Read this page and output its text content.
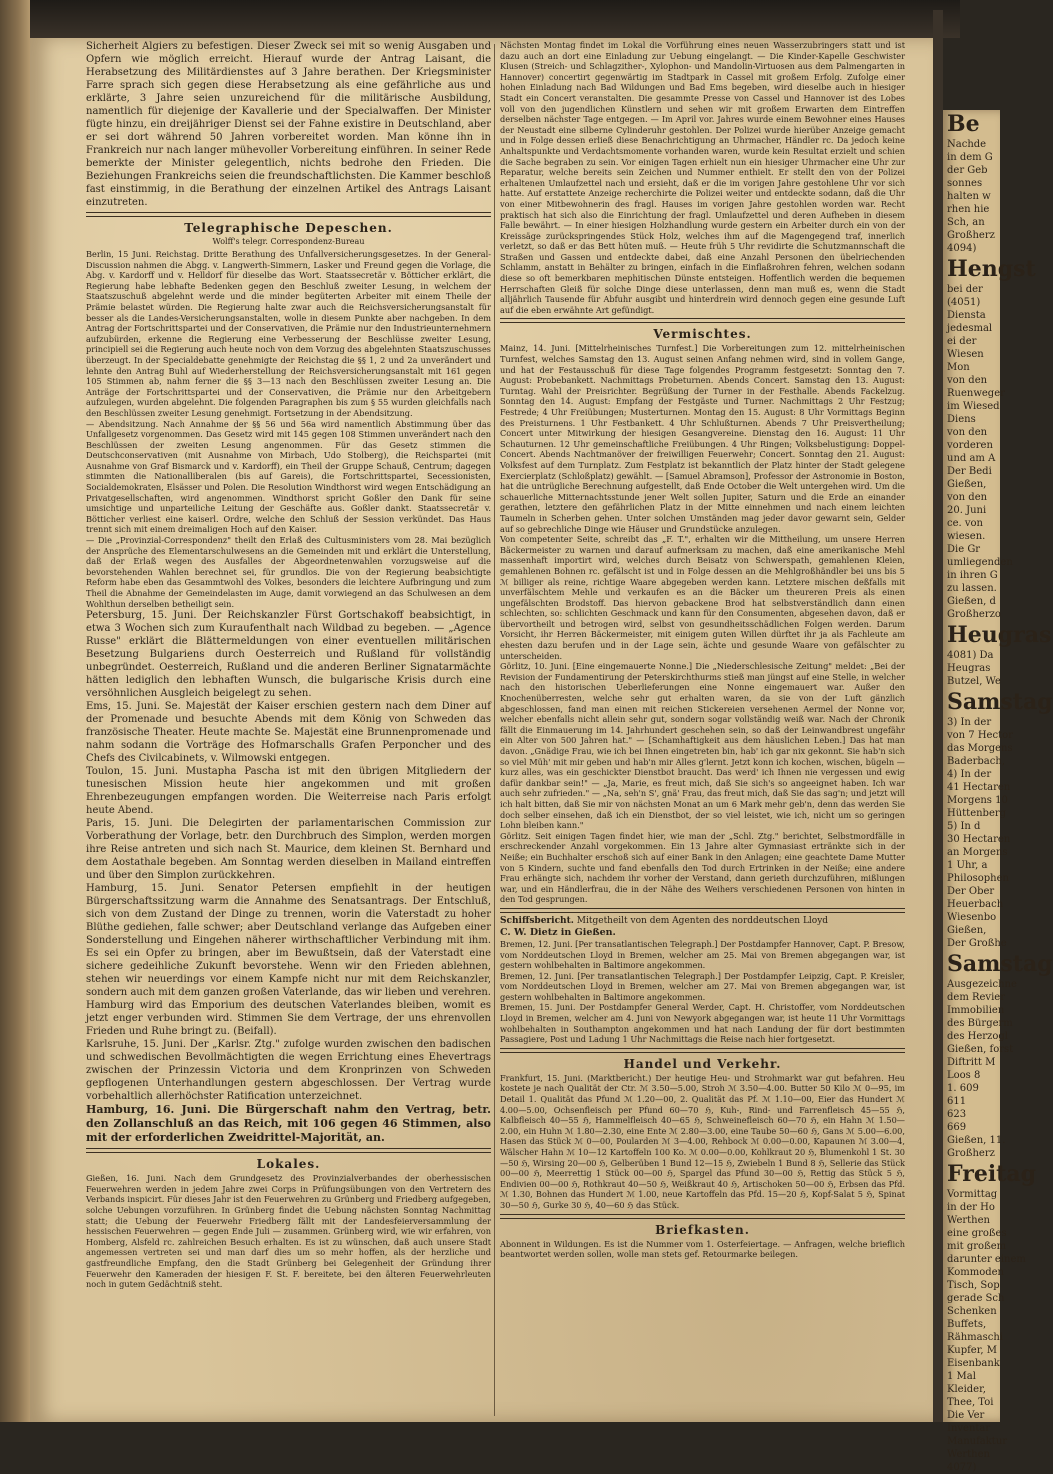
Sicherheit Algiers zu befestigen. Dieser Zweck sei mit so wenig Ausgaben und Opfern wie möglich erreicht. Hierauf wurde der Antrag Laisant, die Herabsetzung des Militärdienstes auf 3 Jahre berathen. Der Kriegsminister Farre sprach sich gegen diese Herabsetzung als eine gefährliche aus und erklärte, 3 Jahre seien unzureichend für die militärische Ausbildung, namentlich für diejenige der Kavallerie und der Specialwaffen. Der Minister fügte hinzu, ein dreijähriger Dienst sei der Fahne existire in Deutschland, aber er sei dort während 50 Jahren vorbereitet worden. Man könne ihn in Frankreich nur nach langer mühevoller Vorbereitung einführen. In seiner Rede bemerkte der Minister gelegentlich, nichts bedrohe den Frieden. Die Beziehungen Frankreichs seien die freundschaftlichsten. Die Kammer beschloß fast einstimmig, in die Berathung der einzelnen Artikel des Antrags Laisant einzutreten.

Telegraphische Depeschen.
Wolff's telegr. Correspondenz-Bureau

Berlin, 15 Juni. Reichstag. Dritte Berathung des Unfallversicherungsgesetzes. In der General-Discussion nahmen die Abgg. v. Langwerth-Simmern, Lasker und Freund gegen die Vorlage, die Abg. v. Kardorff und v. Helldorf für dieselbe das Wort. Staatssecretär v. Bötticher erklärt, die Regierung habe lebhafte Bedenken gegen den Beschluß zweiter Lesung, in welchem der Staatszuschuß abgelehnt werde und die minder begüterten Arbeiter mit einem Theile der Prämie belastet würden. Die Regierung halte zwar auch die Reichsversicherungsanstalt für besser als die Landes-Versicherungsanstalten, wolle in diesem Punkte aber nachgeben. In dem Antrag der Fortschrittspartei und der Conservativen, die Prämie nur den Industrieunternehmern aufzubürden, erkenne die Regierung eine Verbesserung der Beschlüsse zweiter Lesung, principiell sei die Regierung auch heute noch von dem Vorzug des abgelehnten Staatszuschusses überzeugt. In der Specialdebatte genehmigte der Reichstag die §§ 1, 2 und 2a unverändert und lehnte den Antrag Buhl auf Wiederherstellung der Reichsversicherungsanstalt mit 161 gegen 105 Stimmen ab, nahm ferner die §§ 3—13 nach den Beschlüssen zweiter Lesung an. Die Anträge der Fortschrittspartei und der Conservativen, die Prämie nur den Arbeitgebern aufzulegen, wurden abgelehnt. Die folgenden Paragraphen bis zum § 55 wurden gleichfalls nach den Beschlüssen zweiter Lesung genehmigt. Fortsetzung in der Abendsitzung.

— Abendsitzung. Nach Annahme der §§ 56 und 56a wird namentlich Abstimmung über das Unfallgesetz vorgenommen. Das Gesetz wird mit 145 gegen 108 Stimmen unverändert nach den Beschlüssen der zweiten Lesung angenommen. Für das Gesetz stimmen die Deutschconservativen (mit Ausnahme von Mirbach, Udo Stolberg), die Reichspartei (mit Ausnahme von Graf Bismarck und v. Kardorff), ein Theil der Gruppe Schauß, Centrum; dagegen stimmten die Nationalliberalen (bis auf Gareis), die Fortschrittspartei, Secessionisten, Socialdemokraten, Elsässer und Polen. Die Resolution Windthorst wird wegen Entschädigung an Privatgesellschaften, wird angenommen. Windthorst spricht Goßler den Dank für seine umsichtige und unparteiliche Leitung der Geschäfte aus. Goßler dankt. Staatssecretär v. Bötticher verliest eine kaiserl. Ordre, welche den Schluß der Session verkündet. Das Haus trennt sich mit einem dreimaligen Hoch auf den Kaiser.

— Die „Provinzial-Correspondenz" theilt den Erlaß des Cultusministers vom 28. Mai bezüglich der Ansprüche des Elementarschulwesens an die Gemeinden mit und erklärt die Unterstellung, daß der Erlaß wegen des Ausfalles der Abgeordnetenwahlen vorzugsweise auf die bevorstehenden Wahlen berechnet sei, für grundlos. Die von der Regierung beabsichtigte Reform habe eben das Gesammtwohl des Volkes, besonders die leichtere Aufbringung und zum Theil die Abnahme der Gemeindelasten im Auge, damit vorwiegend an das Schulwesen an dem Wohlthun derselben betheiligt sein.

Petersburg, 15. Juni. Der Reichskanzler Fürst Gortschakoff beabsichtigt, in etwa 3 Wochen sich zum Kuraufenthalt nach Wildbad zu begeben. — „Agence Russe" erklärt die Blättermeldungen von einer eventuellen militärischen Besetzung Bulgariens durch Oesterreich und Rußland für vollständig unbegründet. Oesterreich, Rußland und die anderen Berliner Signatarmächte hätten lediglich den lebhaften Wunsch, die bulgarische Krisis durch eine versöhnlichen Ausgleich beigelegt zu sehen.

Ems, 15. Juni. Se. Majestät der Kaiser erschien gestern nach dem Diner auf der Promenade und besuchte Abends mit dem König von Schweden das französische Theater. Heute machte Se. Majestät eine Brunnenpromenade und nahm sodann die Vorträge des Hofmarschalls Grafen Perponcher und des Chefs des Civilcabinets, v. Wilmowski entgegen.

Toulon, 15. Juni. Mustapha Pascha ist mit den übrigen Mitgliedern der tunesischen Mission heute hier angekommen und mit großen Ehrenbezeugungen empfangen worden. Die Weiterreise nach Paris erfolgt heute Abend.

Paris, 15. Juni. Die Delegirten der parlamentarischen Commission zur Vorberathung der Vorlage, betr. den Durchbruch des Simplon, werden morgen ihre Reise antreten und sich nach St. Maurice, dem kleinen St. Bernhard und dem Aostathale begeben. Am Sonntag werden dieselben in Mailand eintreffen und über den Simplon zurückkehren.

Hamburg, 15. Juni. Senator Petersen empfiehlt in der heutigen Bürgerschaftssitzung warm die Annahme des Senatsantrags. Der Entschluß, sich von dem Zustand der Dinge zu trennen, worin die Vaterstadt zu hoher Blüthe gediehen, falle schwer; aber Deutschland verlange das Aufgeben einer Sonderstellung und Eingehen näherer wirthschaftlicher Verbindung mit ihm. Es sei ein Opfer zu bringen, aber im Bewußtsein, daß der Vaterstadt eine sichere gedeihliche Zukunft bevorstehe. Wenn wir den Frieden ablehnen, stehen wir neuerdings vor einem Kampfe nicht nur mit dem Reichskanzler, sondern auch mit dem ganzen großen Vaterlande, das wir lieben und verehren. Hamburg wird das Emporium des deutschen Vaterlandes bleiben, womit es jetzt enger verbunden wird. Stimmen Sie dem Vertrage, der uns ehrenvollen Frieden und Ruhe bringt zu. (Beifall).

Karlsruhe, 15. Juni. Der „Karlsr. Ztg." zufolge wurden zwischen den badischen und schwedischen Bevollmächtigten die wegen Errichtung eines Ehevertrags zwischen der Prinzessin Victoria und dem Kronprinzen von Schweden gepflogenen Unterhandlungen gestern abgeschlossen. Der Vertrag wurde vorbehaltlich allerhöchster Ratification unterzeichnet.

Hamburg, 16. Juni. Die Bürgerschaft nahm den Vertrag, betr. den Zollanschluß an das Reich, mit 106 gegen 46 Stimmen, also mit der erforderlichen Zweidrittel-Majorität, an.

Lokales.

Gießen, 16. Juni. Nach dem Grundgesetz des Provinzialverbandes der oberhessischen Feuerwehren werden in jedem Jahre zwei Corps in Prüfungsübungen von den Vertretern des Verbands inspicirt. Für dieses Jahr ist den Feuerwehren zu Grünberg und Friedberg aufgegeben, solche Uebungen vorzuführen. In Grünberg findet die Uebung nächsten Sonntag Nachmittag statt; die Uebung der Feuerwehr Friedberg fällt mit der Landesfeierversammlung der hessischen Feuerwehren — gegen Ende Juli — zusammen. Grünberg wird, wie wir erfahren, von Homberg, Alsfeld rc. zahlreichen Besuch erhalten. Es ist zu wünschen, daß auch unsere Stadt angemessen vertreten sei und man darf dies um so mehr hoffen, als der herzliche und gastfreundliche Empfang, den die Stadt Grünberg bei Gelegenheit der Gründung ihrer Feuerwehr den Kameraden der hiesigen F. St. F. bereitete, bei den älteren Feuerwehrleuten noch in gutem Gedächtniß steht.

Nächsten Montag findet im Lokal die Vorführung eines neuen Wasserzubringers statt und ist dazu auch an dort eine Einladung zur Uebung eingelangt. — Die Kinder-Kapelle Geschwister Klusen (Streich- und Schlagzither-, Xylophon- und Mandolin-Virtuosen aus dem Palmengarten in Hannover) concertirt gegenwärtig im Stadtpark in Cassel mit großem Erfolg. Zufolge einer hohen Einladung nach Bad Wildungen und Bad Ems begeben, wird dieselbe auch in hiesiger Stadt ein Concert veranstalten. Die gesammte Presse von Cassel und Hannover ist des Lobes voll von den jugendlichen Künstlern und sehen wir mit großem Erwarten dem Eintreffen derselben nächster Tage entgegen. — Im April vor. Jahres wurde einem Bewohner eines Hauses der Neustadt eine silberne Cylinderuhr gestohlen. Der Polizei wurde hierüber Anzeige gemacht und in Folge dessen erließ diese Benachrichtigung an Uhrmacher, Händler rc. Da jedoch keine Anhaltspunkte und Verdachtsmomente vorhanden waren, wurde kein Resultat erzielt und schien die Sache begraben zu sein. Vor einigen Tagen erhielt nun ein hiesiger Uhrmacher eine Uhr zur Reparatur, welche bereits sein Zeichen und Nummer enthielt. Er stellt den von der Polizei erhaltenen Umlaufzettel nach und ersieht, daß er die im vorigen Jahre gestohlene Uhr vor sich hatte. Auf erstattete Anzeige recherchirte die Polizei weiter und entdeckte sodann, daß die Uhr von einer Mitbewohnerin des fragl. Hauses im vorigen Jahre gestohlen worden war. Recht praktisch hat sich also die Einrichtung der fragl. Umlaufzettel und deren Aufheben in diesem Falle bewährt. — In einer hiesigen Holzhandlung wurde gestern ein Arbeiter durch ein von der Kreissäge zurückspringendes Stück Holz, welches ihm auf die Magengegend traf, innerlich verletzt, so daß er das Bett hüten muß. — Heute früh 5 Uhr revidirte die Schutzmannschaft die Straßen und Gassen und entdeckte dabei, daß eine Anzahl Personen den übelriechenden Schlamm, anstatt in Behälter zu bringen, einfach in die Einflaßrohren fehren, welchen sodann diese so oft bemerkbaren mephitischen Dünste entsteigen. Hoffentlich werden die bequemen Herrschaften Gleiß für solche Dinge diese unterlassen, denn man muß es, wenn die Stadt alljährlich Tausende für Abfuhr ausgibt und hinterdrein wird dennoch gegen eine gesunde Luft auf die eben erwähnte Art gefündigt.

Vermischtes.

Mainz, 14. Juni. [Mittelrheinisches Turnfest.] Die Vorbereitungen zum 12. mittelrheinischen Turnfest, welches Samstag den 13. August seinen Anfang nehmen wird, sind in vollem Gange, und hat der Festausschuß für diese Tage folgendes Programm festgesetzt: Sonntag den 7. August: Probebankett. Nachmittags Probeturnen. Abends Concert. Samstag den 13. August: Turntag. Wahl der Preisrichter. Begrüßung der Turner in der Festhalle. Abends Fackelzug. Sonntag den 14. August: Empfang der Festgäste und Turner. Nachmittags 2 Uhr Festzug; Festrede; 4 Uhr Freiübungen; Musterturnen. Montag den 15. August: 8 Uhr Vormittags Beginn des Preisturnens. 1 Uhr Festbankett. 4 Uhr Schlußturnen. Abends 7 Uhr Preisvertheilung; Concert unter Mitwirkung der hiesigen Gesangvereine. Dienstag den 16. August: 11 Uhr Schauturnen. 12 Uhr gemeinschaftliche Freiübungen. 4 Uhr Ringen; Volksbelustigung: Doppel-Concert. Abends Nachtmanöver der freiwilligen Feuerwehr; Concert. Sonntag den 21. August: Volksfest auf dem Turnplatz. Zum Festplatz ist bekanntlich der Platz hinter der Stadt gelegene Exercierplatz (Schloßplatz) gewählt. — [Samuel Abramson], Professor der Astronomie in Boston, hat die untrügliche Berechnung aufgestellt, daß Ende October die Welt untergehen wird. Um die schauerliche Mitternachtsstunde jener Welt sollen Jupiter, Saturn und die Erde an einander gerathen, letztere den gefährlichen Platz in der Mitte einnehmen und nach einem leichten Taumeln in Scherben gehen. Unter solchen Umständen mag jeder davor gewarnt sein, Gelder auf so gebrechliche Dinge wie Häuser und Grundstücke anzulegen.

Von competenter Seite, schreibt das „F. T.", erhalten wir die Mittheilung, um unsere Herren Bäckermeister zu warnen und darauf aufmerksam zu machen, daß eine amerikanische Mehl massenhaft importirt wird, welches durch Beisatz von Schwerspath, gemahlenen Kleien, gemahlenen Bohnen rc. gefälscht ist und in Folge dessen an die Mehlgroßhändler bei uns bis 5 ℳ billiger als reine, richtige Waare abgegeben werden kann. Letztere mischen deßfalls mit unverfälschtem Mehle und verkaufen es an die Bäcker um theureren Preis als einen ungefälschten Brodstoff. Das hiervon gebackene Brod hat selbstverständlich dann einen schlechten, so: schlichten Geschmack und kann für den Consumenten, abgesehen davon, daß er übervortheilt und betrogen wird, selbst von gesundheitsschädlichen Folgen werden. Darum Vorsicht, ihr Herren Bäckermeister, mit einigem guten Willen dürftet ihr ja als Fachleute am ehesten dazu berufen und in der Lage sein, ächte und gesunde Waare von gefälschter zu unterscheiden.

Görlitz, 10. Juni. [Eine eingemauerte Nonne.] Die „Niederschlesische Zeitung" meldet: „Bei der Revision der Fundamentirung der Peterskirchthurms stieß man jüngst auf eine Stelle, in welcher nach den historischen Ueberlieferungen eine Nonne eingemauert war. Außer den Knochenüberresten, welche sehr gut erhalten waren, da sie von der Luft gänzlich abgeschlossen, fand man einen mit reichen Stickereien versehenen Aermel der Nonne vor, welcher ebenfalls nicht allein sehr gut, sondern sogar vollständig weiß war. Nach der Chronik fällt die Einmauerung im 14. Jahrhundert geschehen sein, so daß der Leinwandbrest ungefähr ein Alter von 500 Jahren hat." — [Schamhaftigkeit aus dem häuslichen Leben.] Das hat man davon. „Gnädige Frau, wie ich bei Ihnen eingetreten bin, hab' ich gar nix gekonnt. Sie hab'n sich so viel Müh' mit mir geben und hab'n mir Alles g'lernt. Jetzt konn ich kochen, wischen, bügeln — kurz alles, was ein geschickter Dienstbot braucht. Das werd' ich Ihnen nie vergessen und ewig dafür dankbar sein!" — „Ja, Marie, es freut mich, daß Sie sich's so angeeignet haben. Ich war auch sehr zufrieden." — „Na, seh'n S', gnä' Frau, das freut mich, daß Sie das sag'n; und jetzt will ich halt bitten, daß Sie mir von nächsten Monat an um 6 Mark mehr geb'n, denn das werden Sie doch selber einsehen, daß ich ein Dienstbot, der so viel leistet, wie ich, nicht um so geringen Lohn bleiben kann."

Görlitz. Seit einigen Tagen findet hier, wie man der „Schl. Ztg." berichtet, Selbstmordfälle in erschreckender Anzahl vorgekommen. Ein 13 Jahre alter Gymnasiast ertränkte sich in der Neiße; ein Buchhalter erschoß sich auf einer Bank in den Anlagen; eine geachtete Dame Mutter von 5 Kindern, suchte und fand ebenfalls den Tod durch Ertrinken in der Neiße; eine andere Frau erhängte sich, nachdem ihr vorher der Verstand, dann gerieth durchzuführen, mißlungen war, und ein Händlerfrau, die in der Nähe des Weihers verschiedenen Personen von hinten in den Tod gesprungen.

Schiffsbericht. Mitgetheilt von dem Agenten des norddeutschen Lloyd

C. W. Dietz in Gießen.

Bremen, 12. Juni. [Per transatlantischen Telegraph.] Der Postdampfer Hannover, Capt. P. Bresow, vom Norddeutschen Lloyd in Bremen, welcher am 25. Mai von Bremen abgegangen war, ist gestern wohlbehalten in Baltimore angekommen.

Bremen, 12. Juni. [Per transatlantischen Telegraph.] Der Postdampfer Leipzig, Capt. P. Kreisler, vom Norddeutschen Lloyd in Bremen, welcher am 27. Mai von Bremen abgegangen war, ist gestern wohlbehalten in Baltimore angekommen.

Bremen, 15. Juni. Der Postdampfer General Werder, Capt. H. Christoffer, vom Norddeutschen Lloyd in Bremen, welcher am 4. Juni von Newyork abgegangen war, ist heute 11 Uhr Vormittags wohlbehalten in Southampton angekommen und hat nach Landung der für dort bestimmten Passagiere, Post und Ladung 1 Uhr Nachmittags die Reise nach hier fortgesetzt.

Handel und Verkehr.

Frankfurt, 15. Juni. (Marktbericht.) Der heutige Heu- und Strohmarkt war gut befahren. Heu kostete je nach Qualität der Ctr. ℳ 3.50—5.00, Stroh ℳ 3.50—4.00. Butter 50 Kilo ℳ 0—95, im Detail 1. Qualität das Pfund ℳ 1.20—00, 2. Qualität das Pf. ℳ 1.10—00, Eier das Hundert ℳ 4.00—5.00, Ochsenfleisch per Pfund 60—70 ℌ, Kuh-, Rind- und Farrenfleisch 45—55 ℌ, Kalbfleisch 40—55 ℌ, Hammelfleisch 40—65 ℌ, Schweinefleisch 60—70 ℌ, ein Hahn ℳ 1.50—2.00, ein Huhn ℳ 1.80—2.30, eine Ente ℳ 2.80—3.00, eine Taube 50—60 ℌ, Gans ℳ 5.00—6.00, Hasen das Stück ℳ 0—00, Poularden ℳ 3—4.00, Rehbock ℳ 0.00—0.00, Kapaunen ℳ 3.00—4, Wälscher Hahn ℳ 10—12 Kartoffeln 100 Ko. ℳ 0.00—0.00, Kohlkraut 20 ℌ, Blumenkohl 1 St. 30—50 ℌ, Wirsing 20—00 ℌ, Gelberüben 1 Bund 12—15 ℌ, Zwiebeln 1 Bund 8 ℌ, Sellerie das Stück 00—00 ℌ, Meerrettig 1 Stück 00—00 ℌ, Spargel das Pfund 30—00 ℌ, Rettig das Stück 5 ℌ, Endivien 00—00 ℌ, Rothkraut 40—50 ℌ, Weißkraut 40 ℌ, Artischoken 50—00 ℌ, Erbsen das Pfd. ℳ 1.30, Bohnen das Hundert ℳ 1.00, neue Kartoffeln das Pfd. 15—20 ℌ, Kopf-Salat 5 ℌ, Spinat 30—50 ℌ, Gurke 30 ℌ, 40—60 ℌ das Stück.

Briefkasten.

Abonnent in Wildungen. Es ist die Nummer vom 1. Osterfeiertage. — Anfragen, welche brieflich beantwortet werden sollen, wolle man stets gef. Retourmarke beilegen.

Be
Nachde
in dem G
der Geb
sonnes
halten w
rhen hie
Sch, an
Großherz
4094)
Hengst
bei der
(4051)
Diensta
jedesmal
ei der
Wiesen
Mon
von den
Ruenweger
im Wiesed
Diens
von den
vorderen
und am A
Der Bedi
Gießen,
von den
20. Juni
ce. von
wiesen.
Die Gr
umliegenden
in ihren G
zu lassen.
Gießen, d
Großherzo
Heugras
4081) Da
Heugras
Butzel, We
Samstag
3) In der
von 7 Hector
das Morgens
Baderbach,
4) In der
41 Hectaren
Morgens 10
Hüttenberg
5) In d
30 Hectaren
an Morgens
1 Uhr, a
Philosophen
Der Ober
Heuerbach
Wiesenbo
Gießen,
Der Großhe
Samstag
Ausgezeichne
dem Revier
Immobilien
des Bürgerm
des Herzogl
Gießen, forst
Diftritt M
Loos 8
1. 609
611
623
669
Gießen, 11.
Großherz
Freitag
Vormittag
in der Ho
Werthen
eine großes
mit großem
darunter einem
Kommoden
Tisch, Sop
gerade Sch
Schenken
Buffets,
Rähmaschi
Kupfer, M
Eisenbank
1 Mal
Kleider,
Thee, Toi
Die Ver
Inventar
Manufaktur
Werthen
4077)
